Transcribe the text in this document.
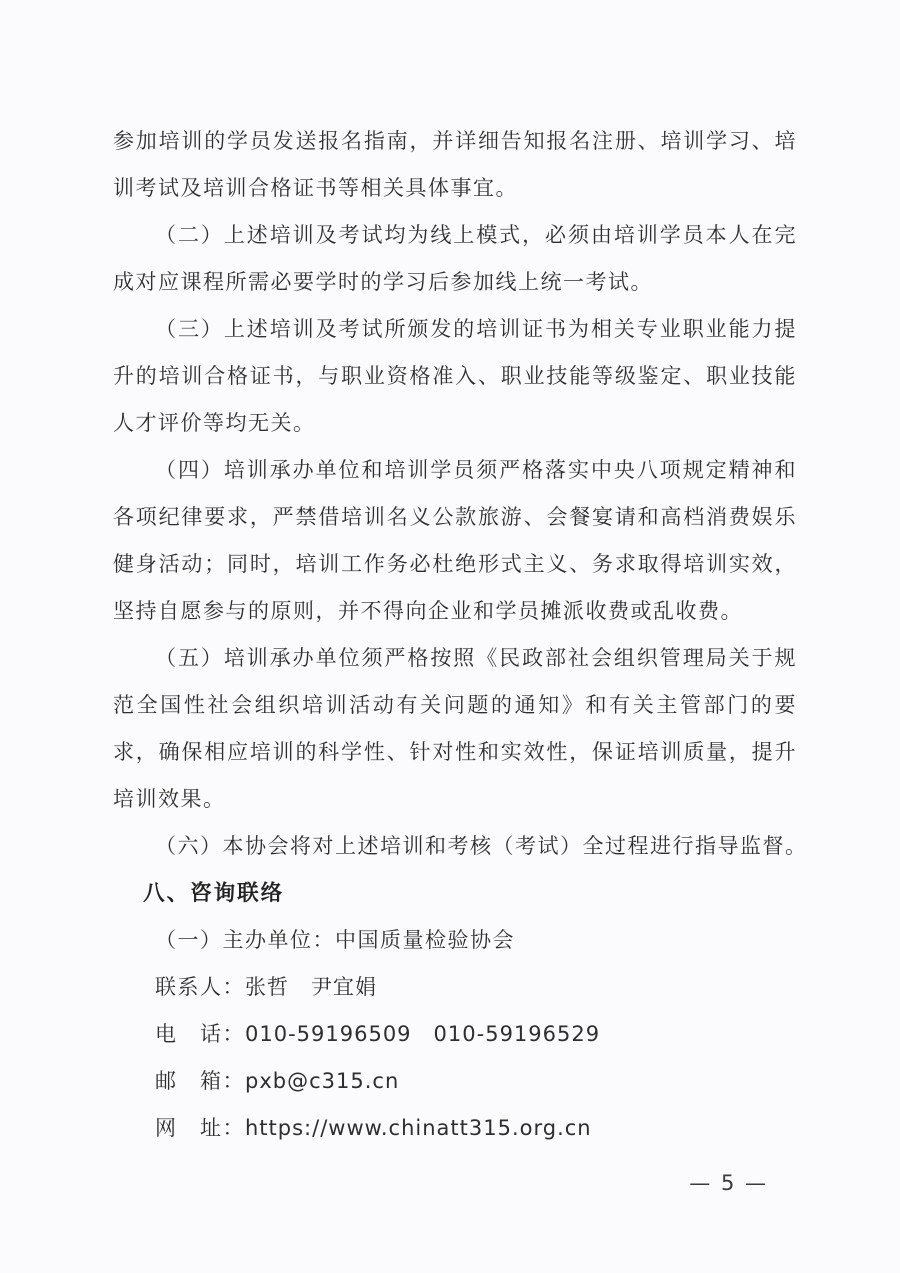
参加培训的学员发送报名指南，并详细告知报名注册、培训学习、培训考试及培训合格证书等相关具体事宜。

（二）上述培训及考试均为线上模式，必须由培训学员本人在完成对应课程所需必要学时的学习后参加线上统一考试。

（三）上述培训及考试所颁发的培训证书为相关专业职业能力提升的培训合格证书，与职业资格准入、职业技能等级鉴定、职业技能人才评价等均无关。

（四）培训承办单位和培训学员须严格落实中央八项规定精神和各项纪律要求，严禁借培训名义公款旅游、会餐宴请和高档消费娱乐健身活动；同时，培训工作务必杜绝形式主义、务求取得培训实效，坚持自愿参与的原则，并不得向企业和学员摊派收费或乱收费。

（五）培训承办单位须严格按照《民政部社会组织管理局关于规范全国性社会组织培训活动有关问题的通知》和有关主管部门的要求，确保相应培训的科学性、针对性和实效性，保证培训质量，提升培训效果。

（六）本协会将对上述培训和考核（考试）全过程进行指导监督。

八、咨询联络

（一）主办单位：中国质量检验协会

联系人：张哲　尹宜娟
电　话：010-59196509　010-59196529
邮　箱：pxb@c315.cn
网　址：https://www.chinatt315.org.cn
— 5 —
